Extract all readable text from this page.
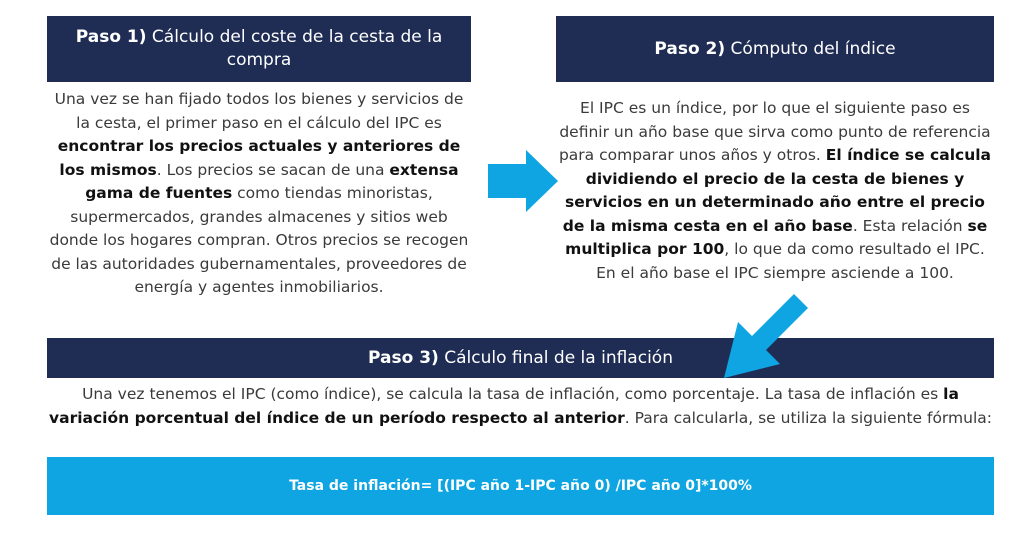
Paso 1) Cálculo del coste de la cesta de la compra
Una vez se han fijado todos los bienes y servicios de la cesta, el primer paso en el cálculo del IPC es encontrar los precios actuales y anteriores de los mismos. Los precios se sacan de una extensa gama de fuentes como tiendas minoristas, supermercados, grandes almacenes y sitios web donde los hogares compran. Otros precios se recogen de las autoridades gubernamentales, proveedores de energía y agentes inmobiliarios.
Paso 2) Cómputo del índice
El IPC es un índice, por lo que el siguiente paso es definir un año base que sirva como punto de referencia para comparar unos años y otros. El índice se calcula dividiendo el precio de la cesta de bienes y servicios en un determinado año entre el precio de la misma cesta en el año base. Esta relación se multiplica por 100, lo que da como resultado el IPC. En el año base el IPC siempre asciende a 100.
Paso 3) Cálculo final de la inflación
Una vez tenemos el IPC (como índice), se calcula la tasa de inflación, como porcentaje. La tasa de inflación es la variación porcentual del índice de un período respecto al anterior. Para calcularla, se utiliza la siguiente fórmula:
Tasa de inflación= [(IPC año 1-IPC año 0) /IPC año 0]*100%
